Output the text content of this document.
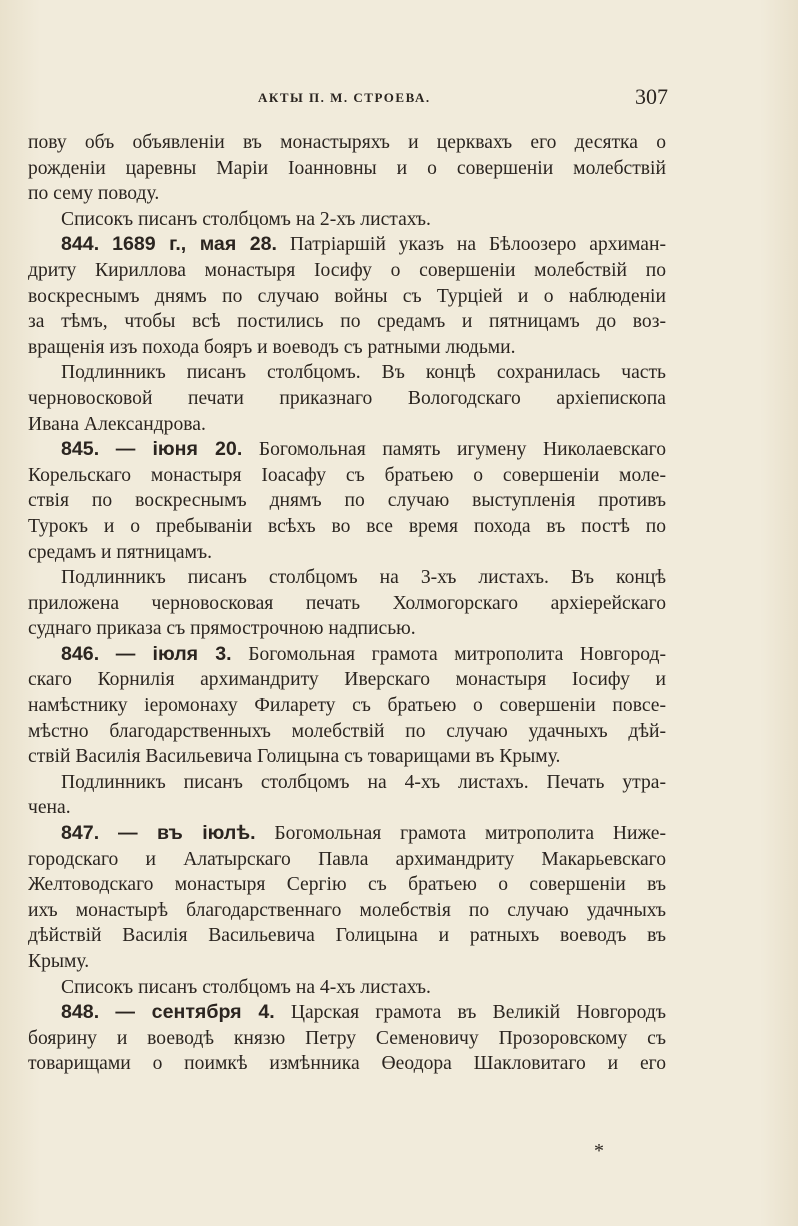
АКТЫ П. М. СТРОЕВА.	307

пову объ объявленіи въ монастыряхъ и церквахъ его десятка о

рожденіи царевны Маріи Іоанновны и о совершеніи молебствій

по сему поводу.

Списокъ писанъ столбцомъ на 2-хъ листахъ.

844. 1689 г., мая 28. Патріаршій указъ на Бѣлоозеро архиман-

дриту Кириллова монастыря Іосифу о совершеніи молебствій по

воскреснымъ днямъ по случаю войны съ Турціей и о наблюденіи

за тѣмъ, чтобы всѣ постились по средамъ и пятницамъ до воз-

вращенія изъ похода бояръ и воеводъ съ ратными людьми.

Подлинникъ писанъ столбцомъ. Въ концѣ сохранилась часть

черновосковой печати приказнаго Вологодскаго архіепископа

Ивана Александрова.

845. — іюня 20. Богомольная память игумену Николаевскаго

Корельскаго монастыря Іоасафу съ братьею о совершеніи моле-

ствія по воскреснымъ днямъ по случаю выступленія противъ

Турокъ и о пребываніи всѣхъ во все время похода въ постѣ по

средамъ и пятницамъ.

Подлинникъ писанъ столбцомъ на 3-хъ листахъ. Въ концѣ

приложена черновосковая печать Холмогорскаго архіерейскаго

суднаго приказа съ прямострочною надписью.

846. — іюля 3. Богомольная грамота митрополита Новгород-

скаго Корнилія архимандриту Иверскаго монастыря Іосифу и

намѣстнику іеромонаху Филарету съ братьею о совершеніи повсе-

мѣстно благодарственныхъ молебствій по случаю удачныхъ дѣй-

ствій Василія Васильевича Голицына съ товарищами въ Крыму.

Подлинникъ писанъ столбцомъ на 4-хъ листахъ. Печать утра-

чена.

847. — въ іюлѣ. Богомольная грамота митрополита Ниже-

городскаго и Алатырскаго Павла архимандриту Макарьевскаго

Желтоводскаго монастыря Сергію съ братьею о совершеніи въ

ихъ монастырѣ благодарственнаго молебствія по случаю удачныхъ

дѣйствій Василія Васильевича Голицына и ратныхъ воеводъ въ

Крыму.

Списокъ писанъ столбцомъ на 4-хъ листахъ.

848. — сентября 4. Царская грамота въ Великій Новгородъ

боярину и воеводѣ князю Петру Семеновичу Прозоровскому съ

товарищами о поимкѣ измѣнника Өеодора Шакловитаго и его

*
